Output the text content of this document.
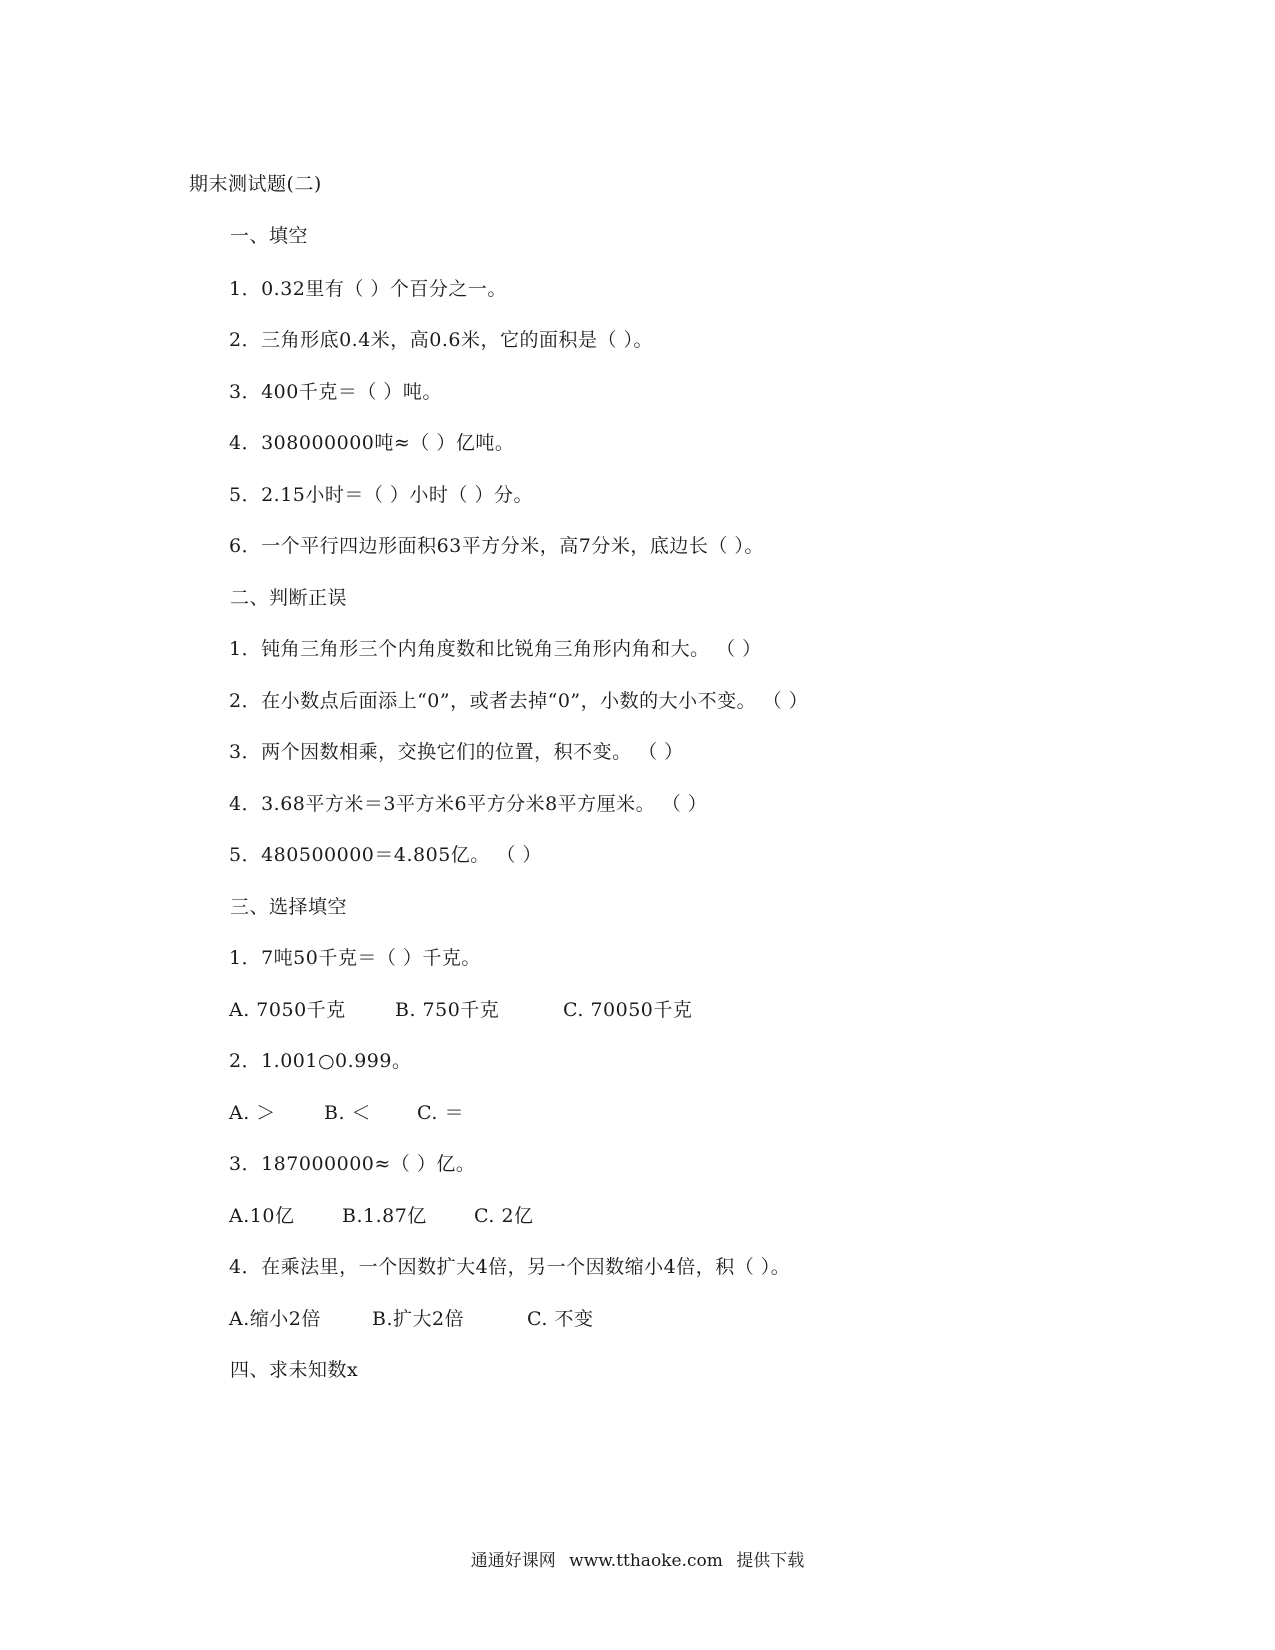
期末测试题(二)
一、填空
1．0.32里有（ ）个百分之一。
2．三角形底0.4米，高0.6米，它的面积是（ ）。
3．400千克＝（ ）吨。
4．308000000吨≈（ ）亿吨。
5．2.15小时＝（ ）小时（ ）分。
6．一个平行四边形面积63平方分米，高7分米，底边长（ ）。
二、判断正误
1．钝角三角形三个内角度数和比锐角三角形内角和大。 （ ）
2．在小数点后面添上“0”，或者去掉“0”，小数的大小不变。 （ ）
3．两个因数相乘，交换它们的位置，积不变。 （ ）
4．3.68平方米＝3平方米6平方分米8平方厘米。 （ ）
5．480500000＝4.805亿。 （ ）
三、选择填空
1．7吨50千克＝（ ）千克。
A. 7050千克	B. 750千克	C. 70050千克
2．1.001○0.999。
A. ＞	B. ＜ C. ＝
3．187000000≈（ ）亿。
A.10亿	B.1.87亿 C. 2亿
4．在乘法里，一个因数扩大4倍，另一个因数缩小4倍，积（ ）。
A.缩小2倍	B.扩大2倍	C. 不变
四、求未知数x
通通好课网 www.tthaoke.com 提供下载
